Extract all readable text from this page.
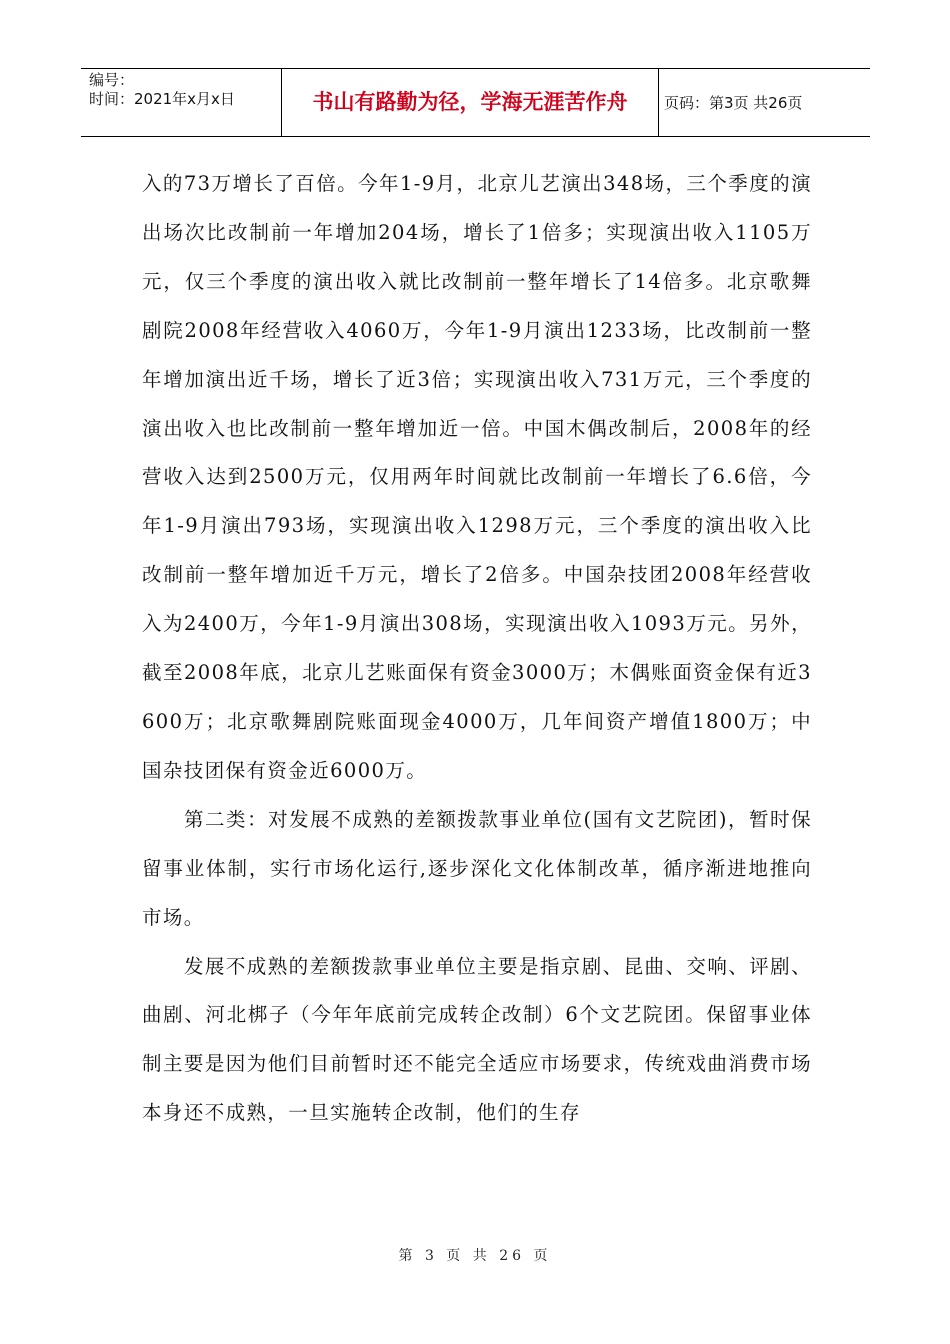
编号：
时间：2021年x月x日	书山有路勤为径，学海无涯苦作舟	页码：第3页 共26页

入的73万增长了百倍。今年1-9月，北京儿艺演出348场，三个季度的演出场次比改制前一年增加204场，增长了1倍多；实现演出收入1105万元，仅三个季度的演出收入就比改制前一整年增长了14倍多。北京歌舞剧院2008年经营收入4060万，今年1-9月演出1233场，比改制前一整年增加演出近千场，增长了近3倍；实现演出收入731万元，三个季度的演出收入也比改制前一整年增加近一倍。中国木偶改制后，2008年的经营收入达到2500万元，仅用两年时间就比改制前一年增长了6.6倍，今年1-9月演出793场，实现演出收入1298万元，三个季度的演出收入比改制前一整年增加近千万元，增长了2倍多。中国杂技团2008年经营收入为2400万，今年1-9月演出308场，实现演出收入1093万元。另外，截至2008年底，北京儿艺账面保有资金3000万；木偶账面资金保有近3600万；北京歌舞剧院账面现金4000万，几年间资产增值1800万；中国杂技团保有资金近6000万。

第二类：对发展不成熟的差额拨款事业单位(国有文艺院团)，暂时保留事业体制，实行市场化运行,逐步深化文化体制改革，循序渐进地推向市场。

发展不成熟的差额拨款事业单位主要是指京剧、昆曲、交响、评剧、曲剧、河北梆子（今年年底前完成转企改制）6个文艺院团。保留事业体制主要是因为他们目前暂时还不能完全适应市场要求，传统戏曲消费市场本身还不成熟，一旦实施转企改制，他们的生存

第 3 页 共 26 页
